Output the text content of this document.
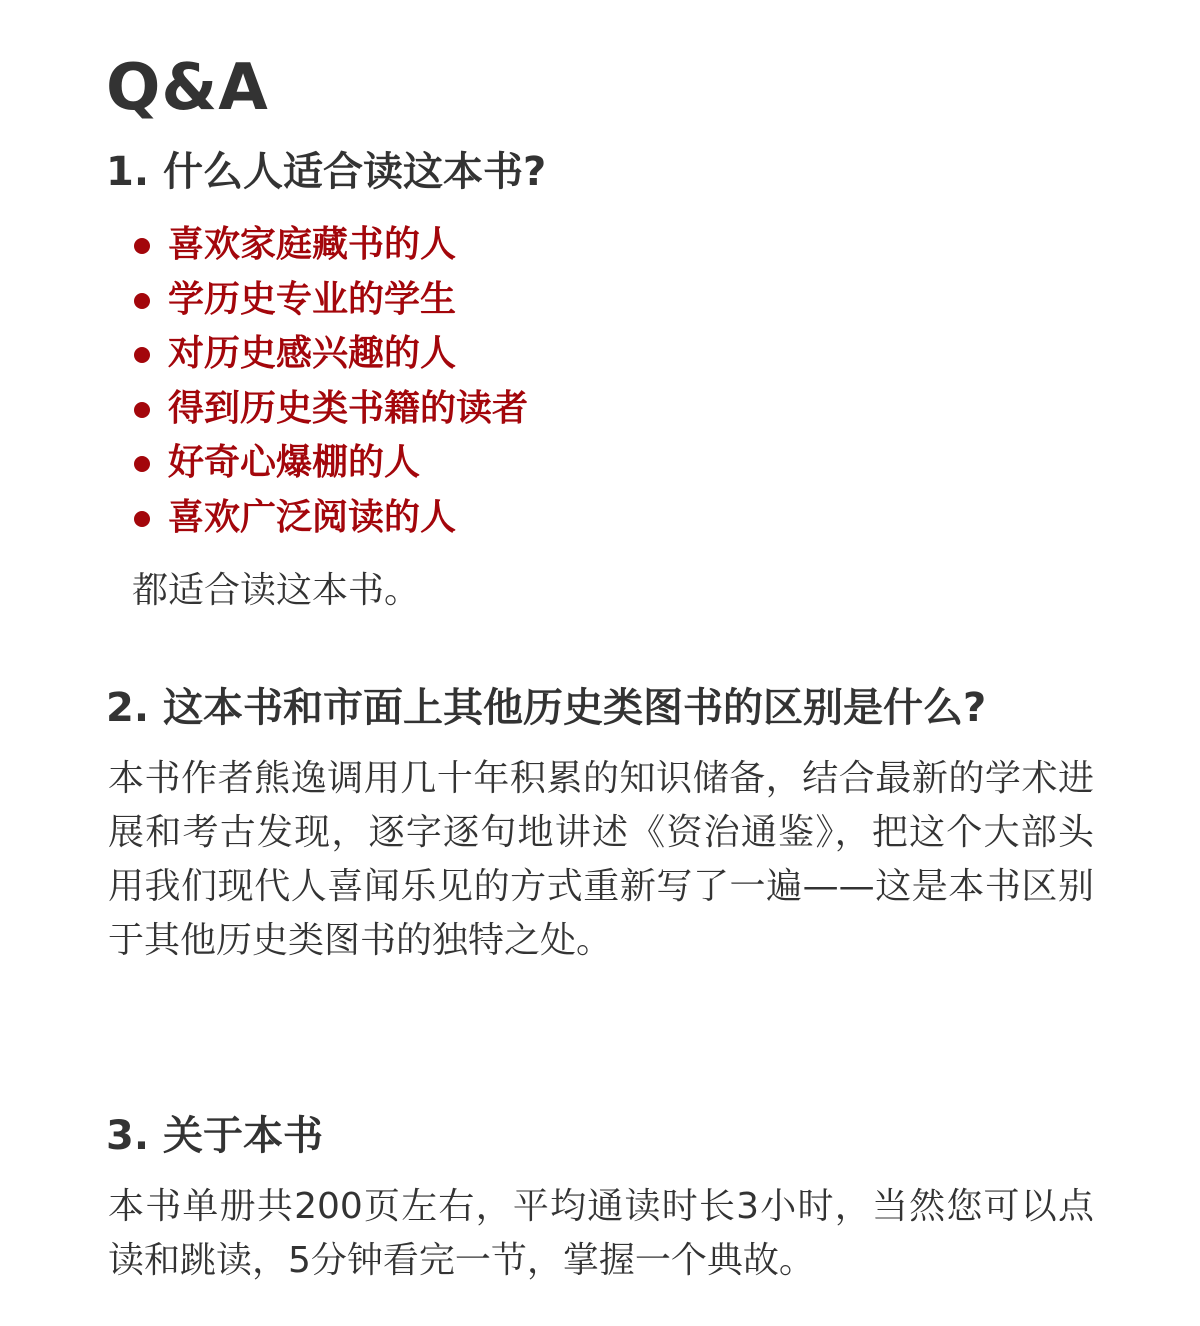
Q&A
1. 什么人适合读这本书?
喜欢家庭藏书的人
学历史专业的学生
对历史感兴趣的人
得到历史类书籍的读者
好奇心爆棚的人
喜欢广泛阅读的人

都适合读这本书。

2. 这本书和市面上其他历史类图书的区别是什么?

本书作者熊逸调用几十年积累的知识储备，结合最新的学术进展和考古发现，逐字逐句地讲述《资治通鉴》，把这个大部头用我们现代人喜闻乐见的方式重新写了一遍——这是本书区别于其他历史类图书的独特之处。

3. 关于本书

本书单册共200页左右，平均通读时长3小时，当然您可以点读和跳读，5分钟看完一节，掌握一个典故。
